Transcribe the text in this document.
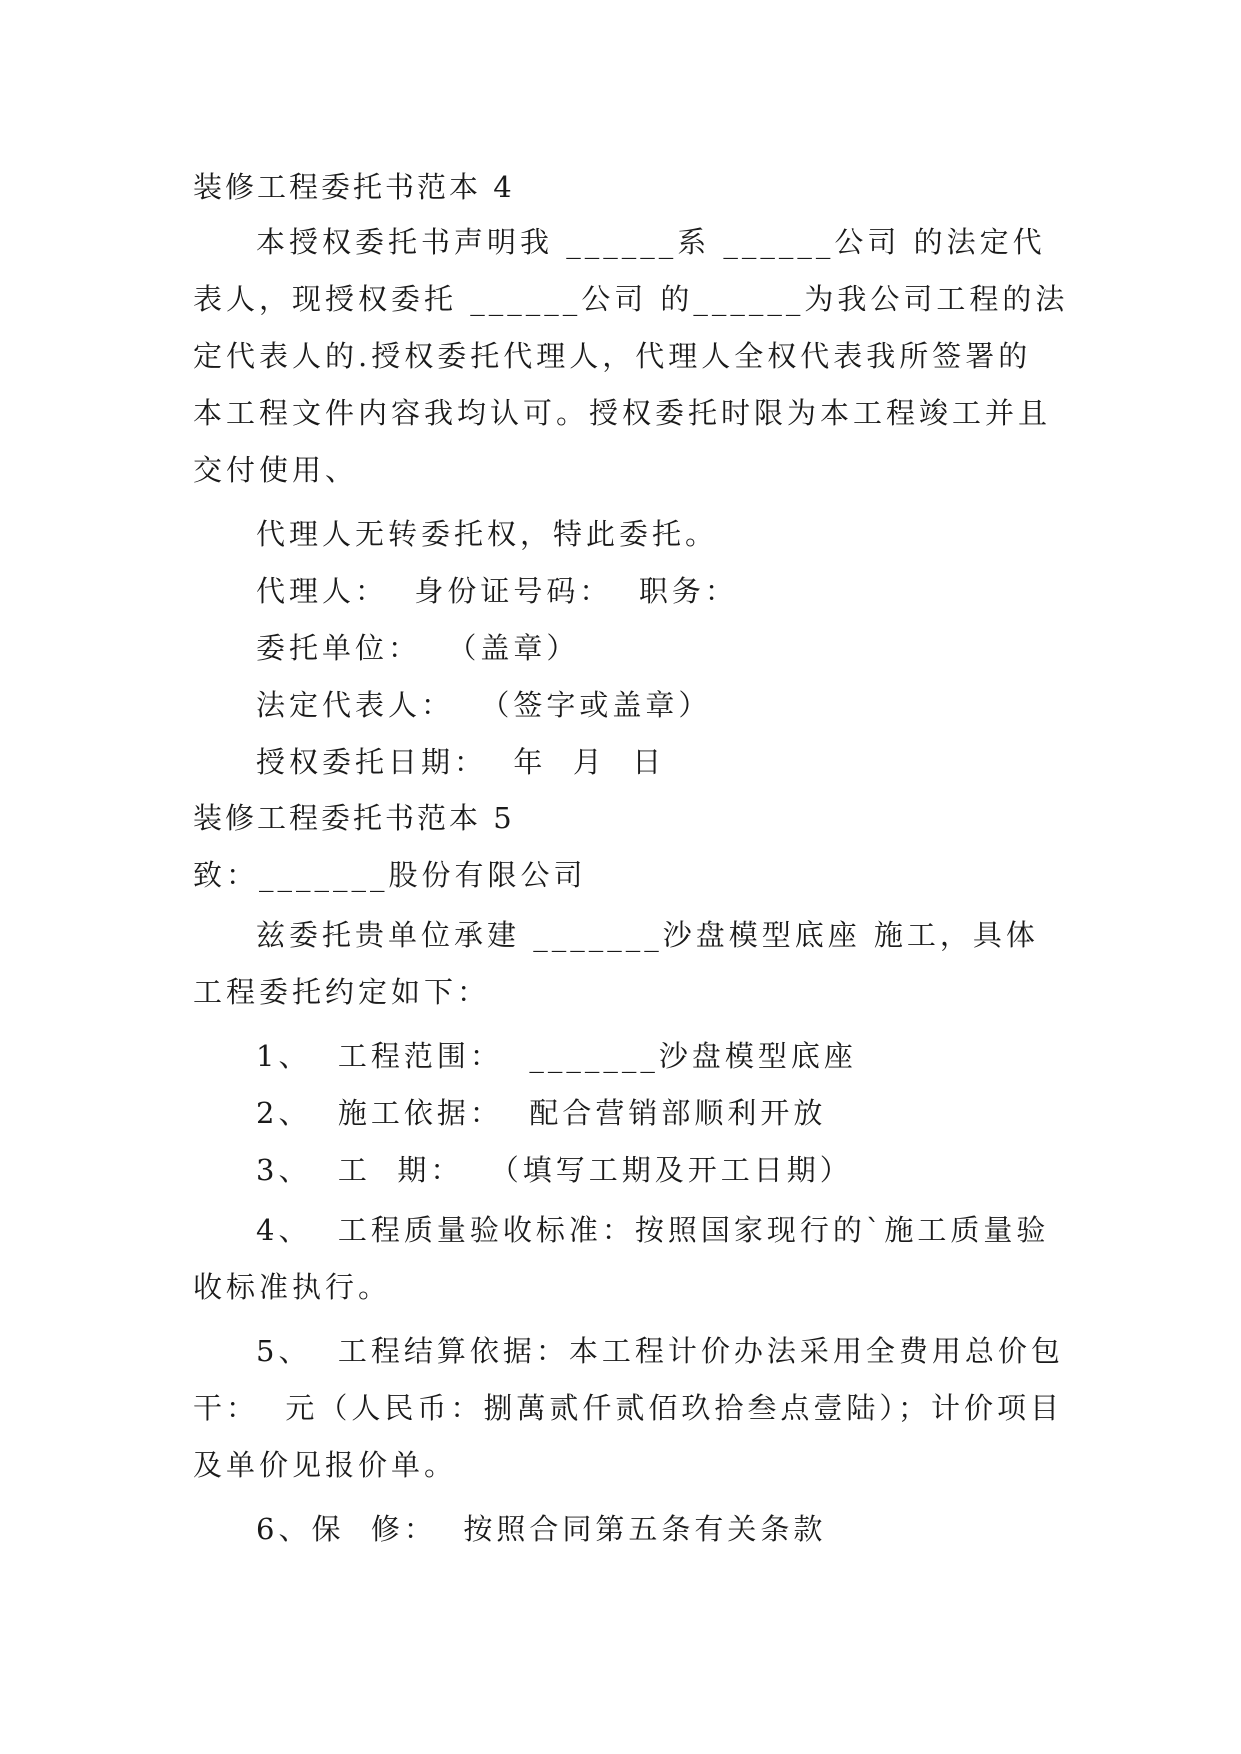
装修工程委托书范本 4
本授权委托书声明我 ______系 ______公司 的法定代
表人，现授权委托 ______公司 的______为我公司工程的法
定代表人的.授权委托代理人，代理人全权代表我所签署的
本工程文件内容我均认可。授权委托时限为本工程竣工并且
交付使用、
代理人无转委托权，特此委托。
代理人：  身份证号码：  职务：
委托单位：  （盖章）
法定代表人：  （签字或盖章）
授权委托日期：  年  月  日
装修工程委托书范本 5
致：_______股份有限公司
兹委托贵单位承建 _______沙盘模型底座 施工，具体
工程委托约定如下：
1、  工程范围：  _______沙盘模型底座
2、  施工依据：  配合营销部顺利开放
3、  工  期：  （填写工期及开工日期）
4、  工程质量验收标准：按照国家现行的`施工质量验
收标准执行。
5、  工程结算依据：本工程计价办法采用全费用总价包
干：  元（人民币：捌萬贰仟贰佰玖拾叁点壹陆）；计价项目
及单价见报价单。
6、保  修：  按照合同第五条有关条款
